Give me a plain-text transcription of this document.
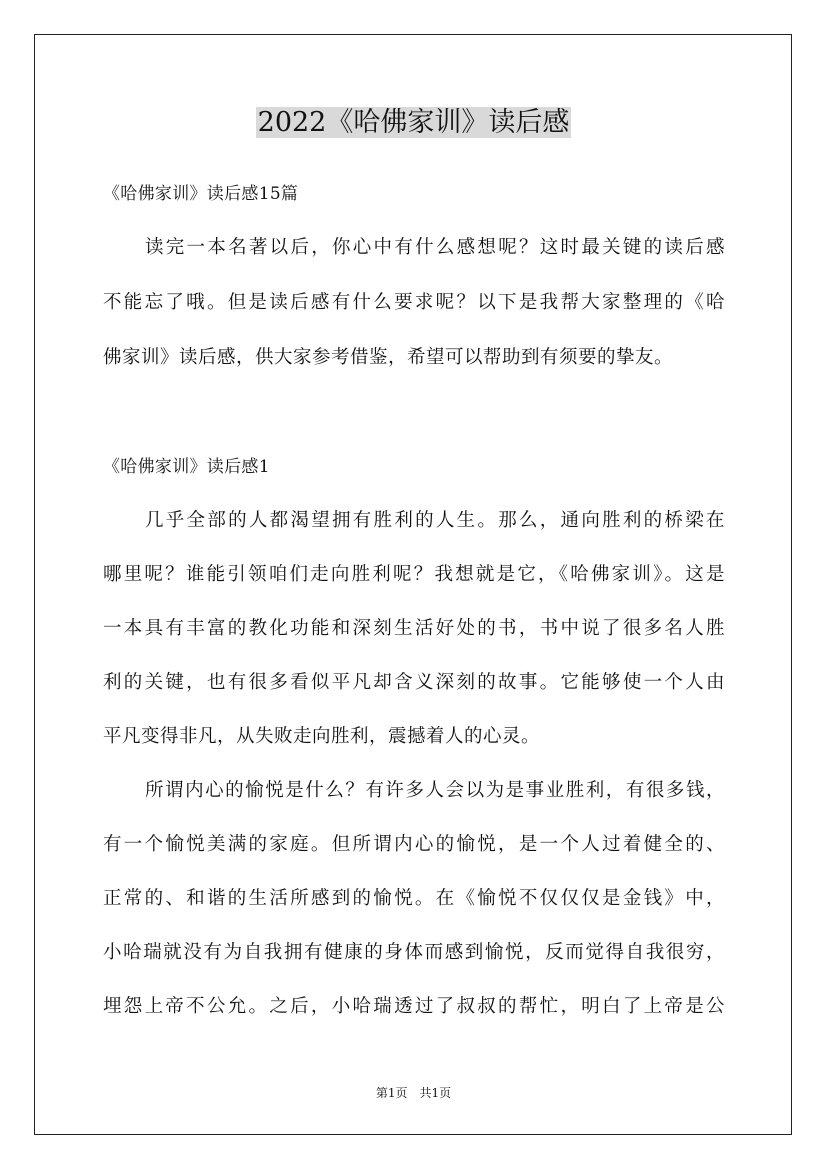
2022《哈佛家训》读后感
《哈佛家训》读后感15篇
读完一本名著以后，你心中有什么感想呢？这时最关键的读后感
不能忘了哦。但是读后感有什么要求呢？以下是我帮大家整理的《哈
佛家训》读后感，供大家参考借鉴，希望可以帮助到有须要的挚友。
《哈佛家训》读后感1
几乎全部的人都渴望拥有胜利的人生。那么，通向胜利的桥梁在
哪里呢？谁能引领咱们走向胜利呢？我想就是它，《哈佛家训》。这是
一本具有丰富的教化功能和深刻生活好处的书，书中说了很多名人胜
利的关键，也有很多看似平凡却含义深刻的故事。它能够使一个人由
平凡变得非凡，从失败走向胜利，震撼着人的心灵。
所谓内心的愉悦是什么？有许多人会以为是事业胜利，有很多钱，
有一个愉悦美满的家庭。但所谓内心的愉悦，是一个人过着健全的、
正常的、和谐的生活所感到的愉悦。在《愉悦不仅仅仅是金钱》中，
小哈瑞就没有为自我拥有健康的身体而感到愉悦，反而觉得自我很穷，
埋怨上帝不公允。之后，小哈瑞透过了叔叔的帮忙，明白了上帝是公
第1页　共1页
